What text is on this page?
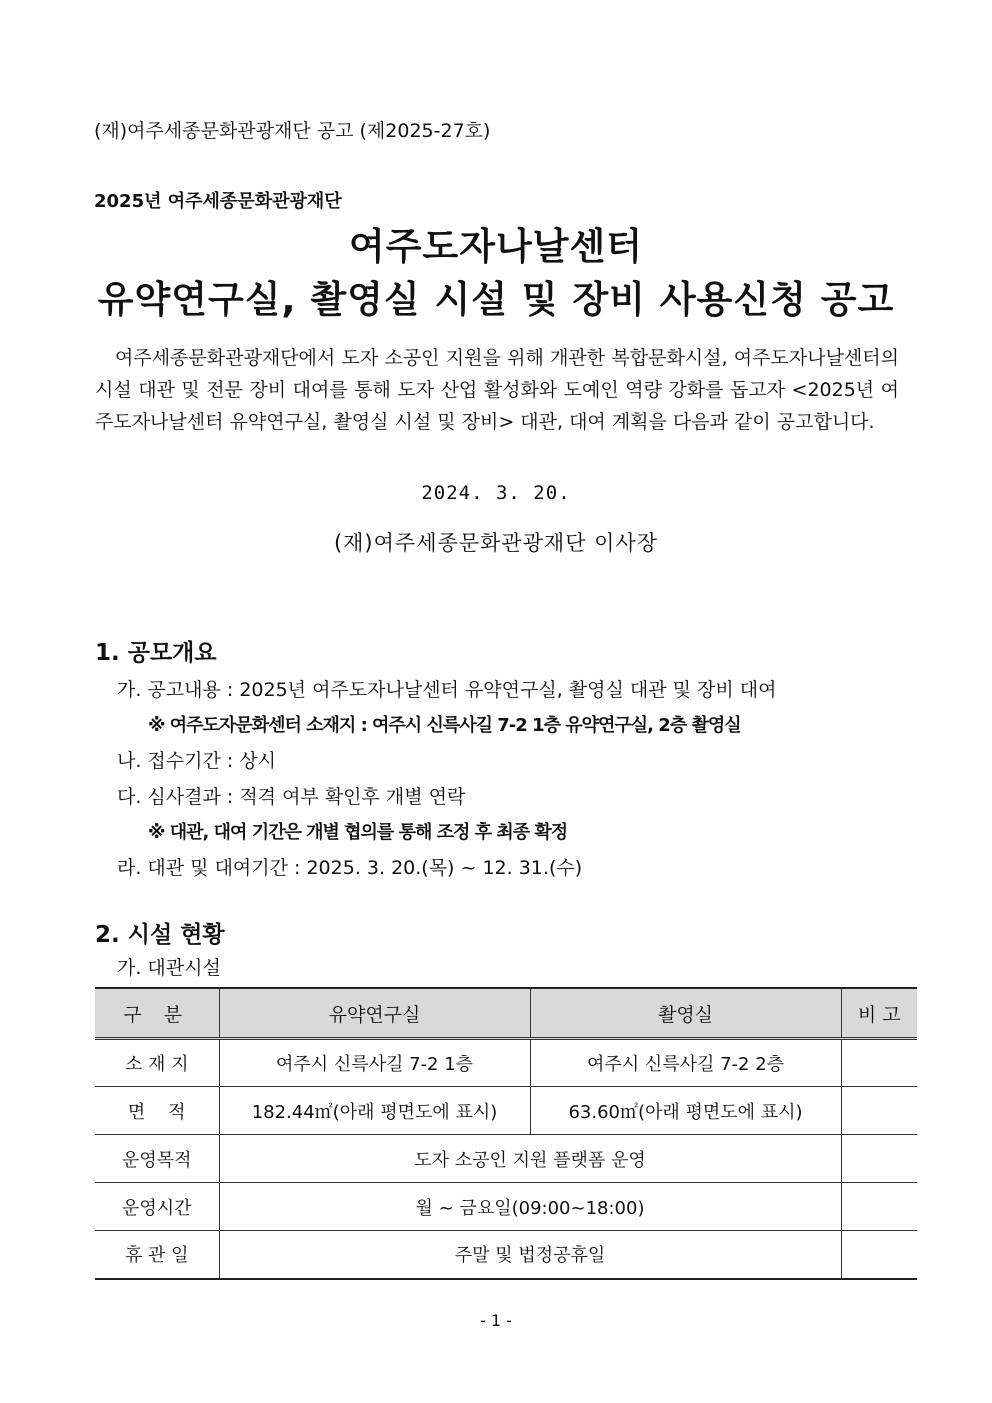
(재)여주세종문화관광재단 공고 (제2025-27호)
2025년 여주세종문화관광재단
여주도자나날센터
유약연구실, 촬영실 시설 및 장비 사용신청 공고

여주세종문화관광재단에서 도자 소공인 지원을 위해 개관한 복합문화시설, 여주도자나날센터의 시설 대관 및 전문 장비 대여를 통해 도자 산업 활성화와 도예인 역량 강화를 돕고자 <2025년 여주도자나날센터 유약연구실, 촬영실 시설 및 장비> 대관, 대여 계획을 다음과 같이 공고합니다.

2024. 3. 20.
(재)여주세종문화관광재단 이사장
1. 공모개요
가. 공고내용 : 2025년 여주도자나날센터 유약연구실, 촬영실 대관 및 장비 대여
※ 여주도자문화센터 소재지 : 여주시 신륵사길 7-2 1층 유약연구실, 2층 촬영실
나. 접수기간 : 상시
다. 심사결과 : 적격 여부 확인후 개별 연락
※ 대관, 대여 기간은 개별 협의를 통해 조정 후 최종 확정
라. 대관 및 대여기간 : 2025. 3. 20.(목) ~ 12. 31.(수)
2. 시설 현황
가. 대관시설
구 분	유약연구실	촬영실	비 고
소 재 지	여주시 신륵사길 7-2 1층	여주시 신륵사길 7-2 2층	
면    적	182.44㎡(아래 평면도에 표시)	63.60㎡(아래 평면도에 표시)	
운영목적	도자 소공인 지원 플랫폼 운영		
운영시간	월 ~ 금요일(09:00~18:00)		
휴 관 일	주말 및 법정공휴일		
- 1 -
